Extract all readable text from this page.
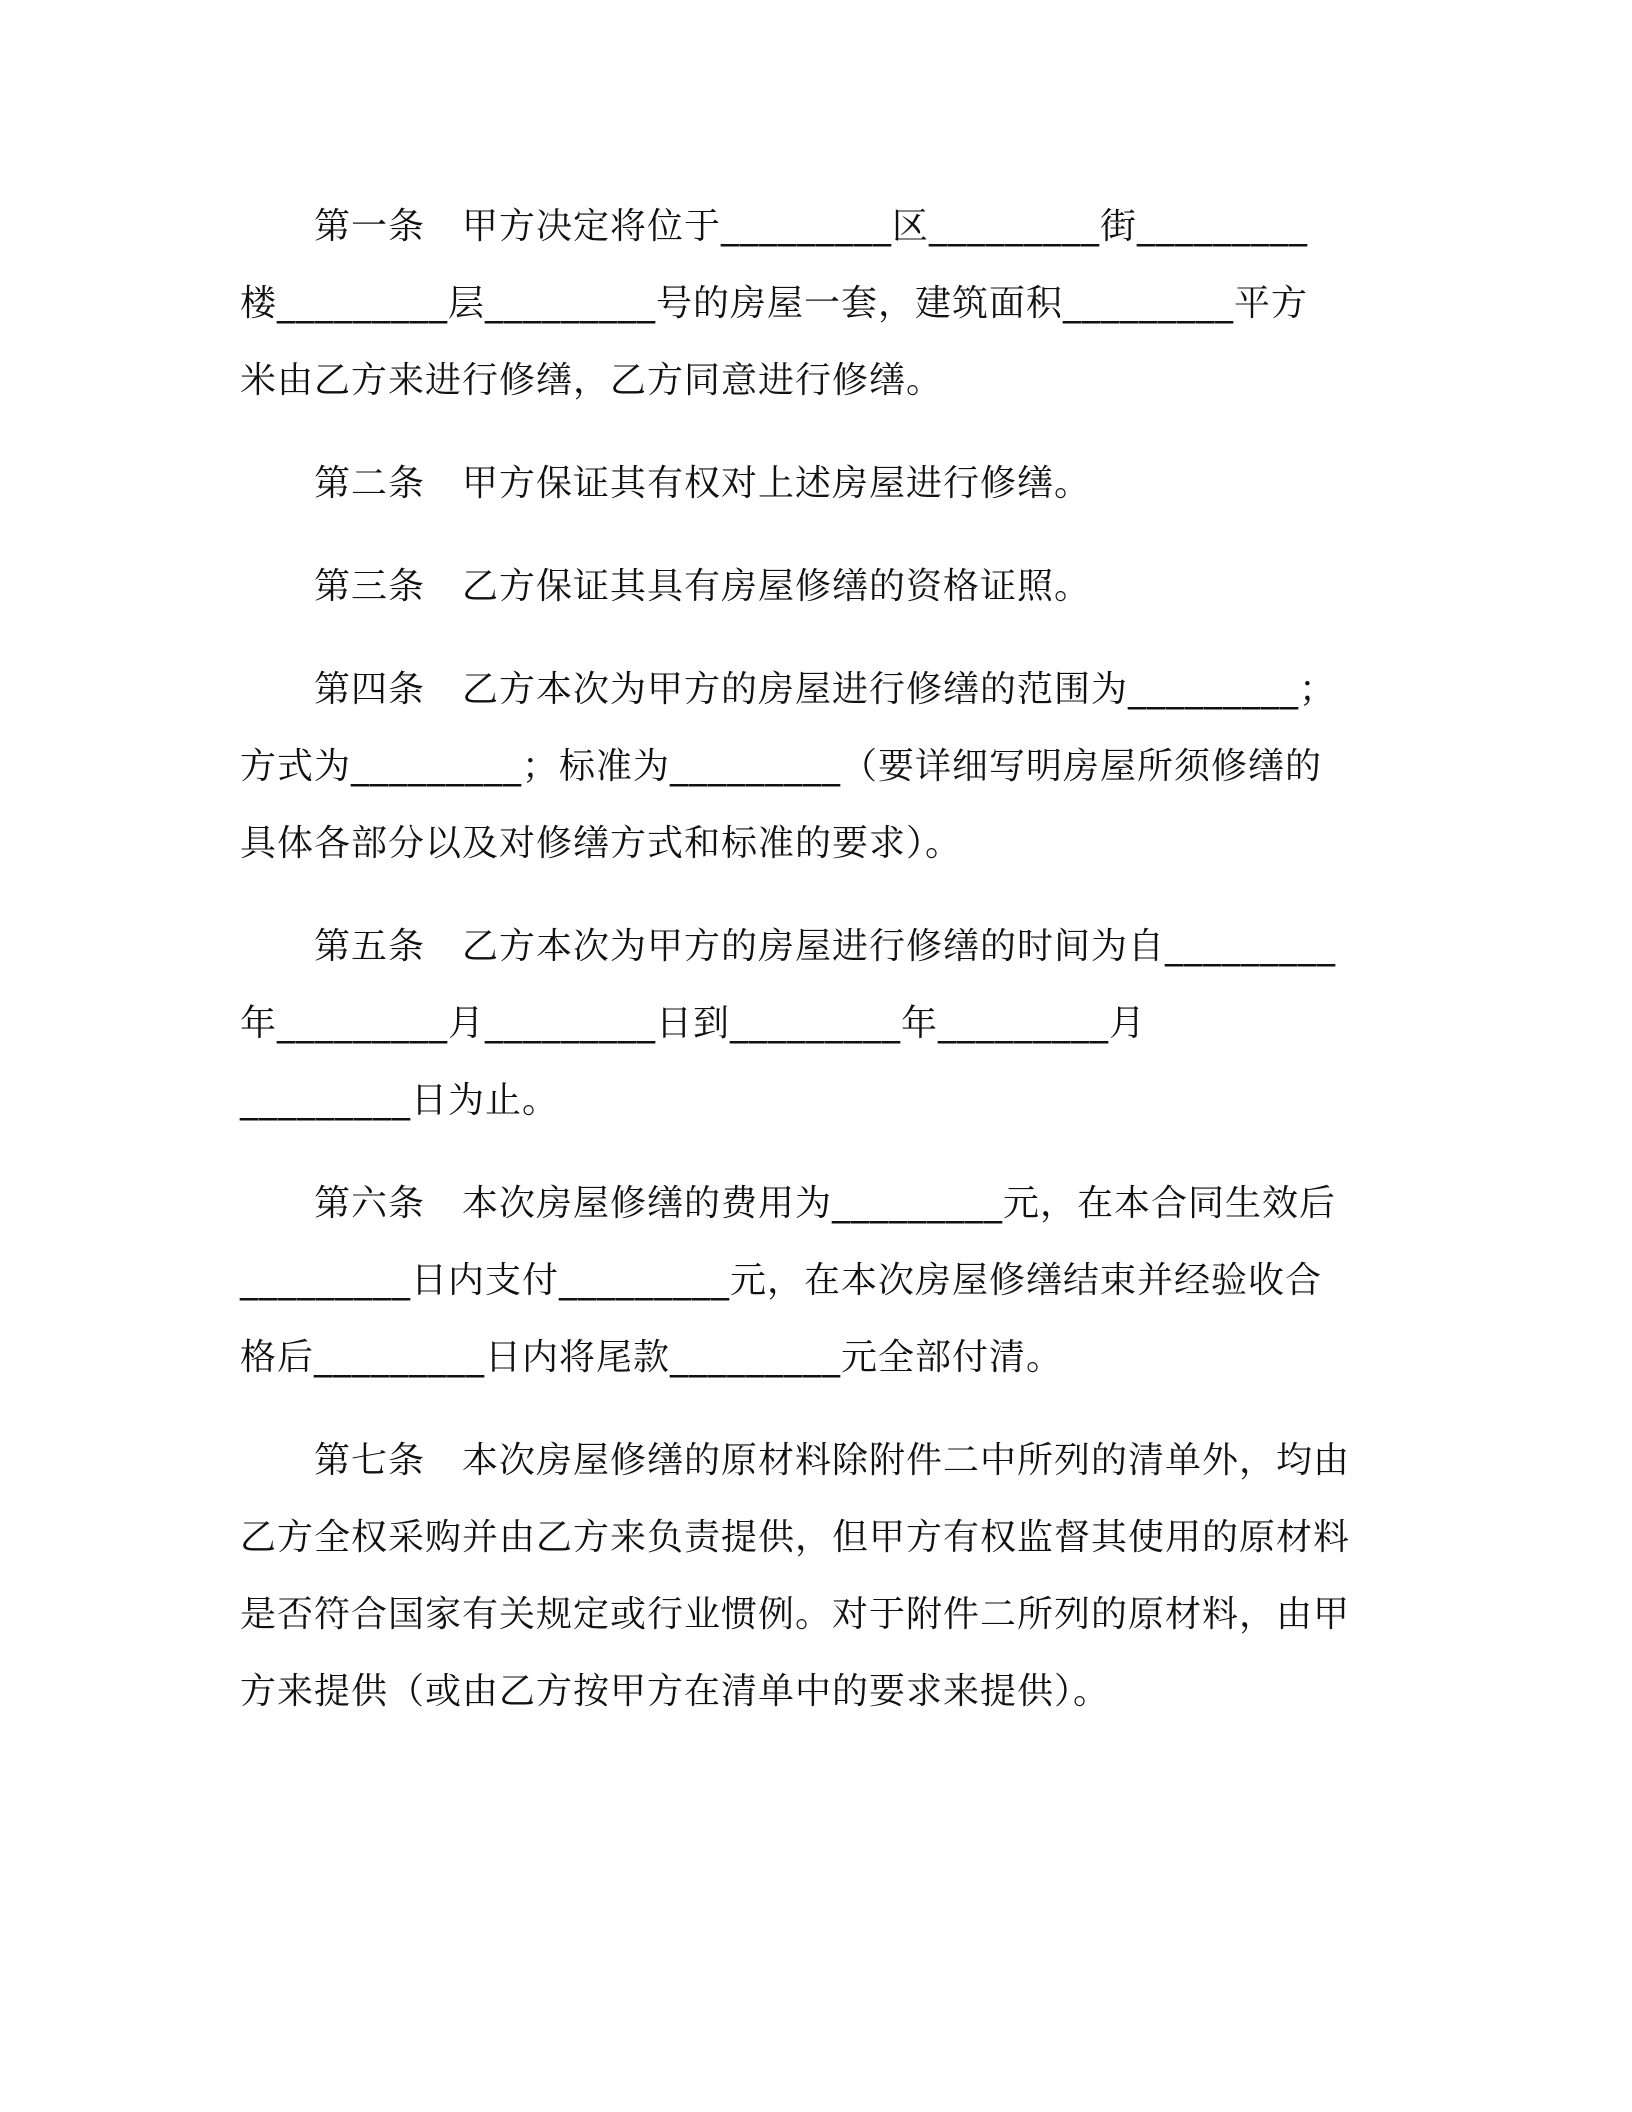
第一条　甲方决定将位于_________区_________街_________
楼_________层_________号的房屋一套，建筑面积_________平方
米由乙方来进行修缮，乙方同意进行修缮。
第二条　甲方保证其有权对上述房屋进行修缮。
第三条　乙方保证其具有房屋修缮的资格证照。
第四条　乙方本次为甲方的房屋进行修缮的范围为_________；
方式为_________；标准为_________（要详细写明房屋所须修缮的
具体各部分以及对修缮方式和标准的要求）。
第五条　乙方本次为甲方的房屋进行修缮的时间为自_________
年_________月_________日到_________年_________月
_________日为止。
第六条　本次房屋修缮的费用为_________元，在本合同生效后
_________日内支付_________元，在本次房屋修缮结束并经验收合
格后_________日内将尾款_________元全部付清。
第七条　本次房屋修缮的原材料除附件二中所列的清单外，均由
乙方全权采购并由乙方来负责提供，但甲方有权监督其使用的原材料
是否符合国家有关规定或行业惯例。对于附件二所列的原材料，由甲
方来提供（或由乙方按甲方在清单中的要求来提供）。
